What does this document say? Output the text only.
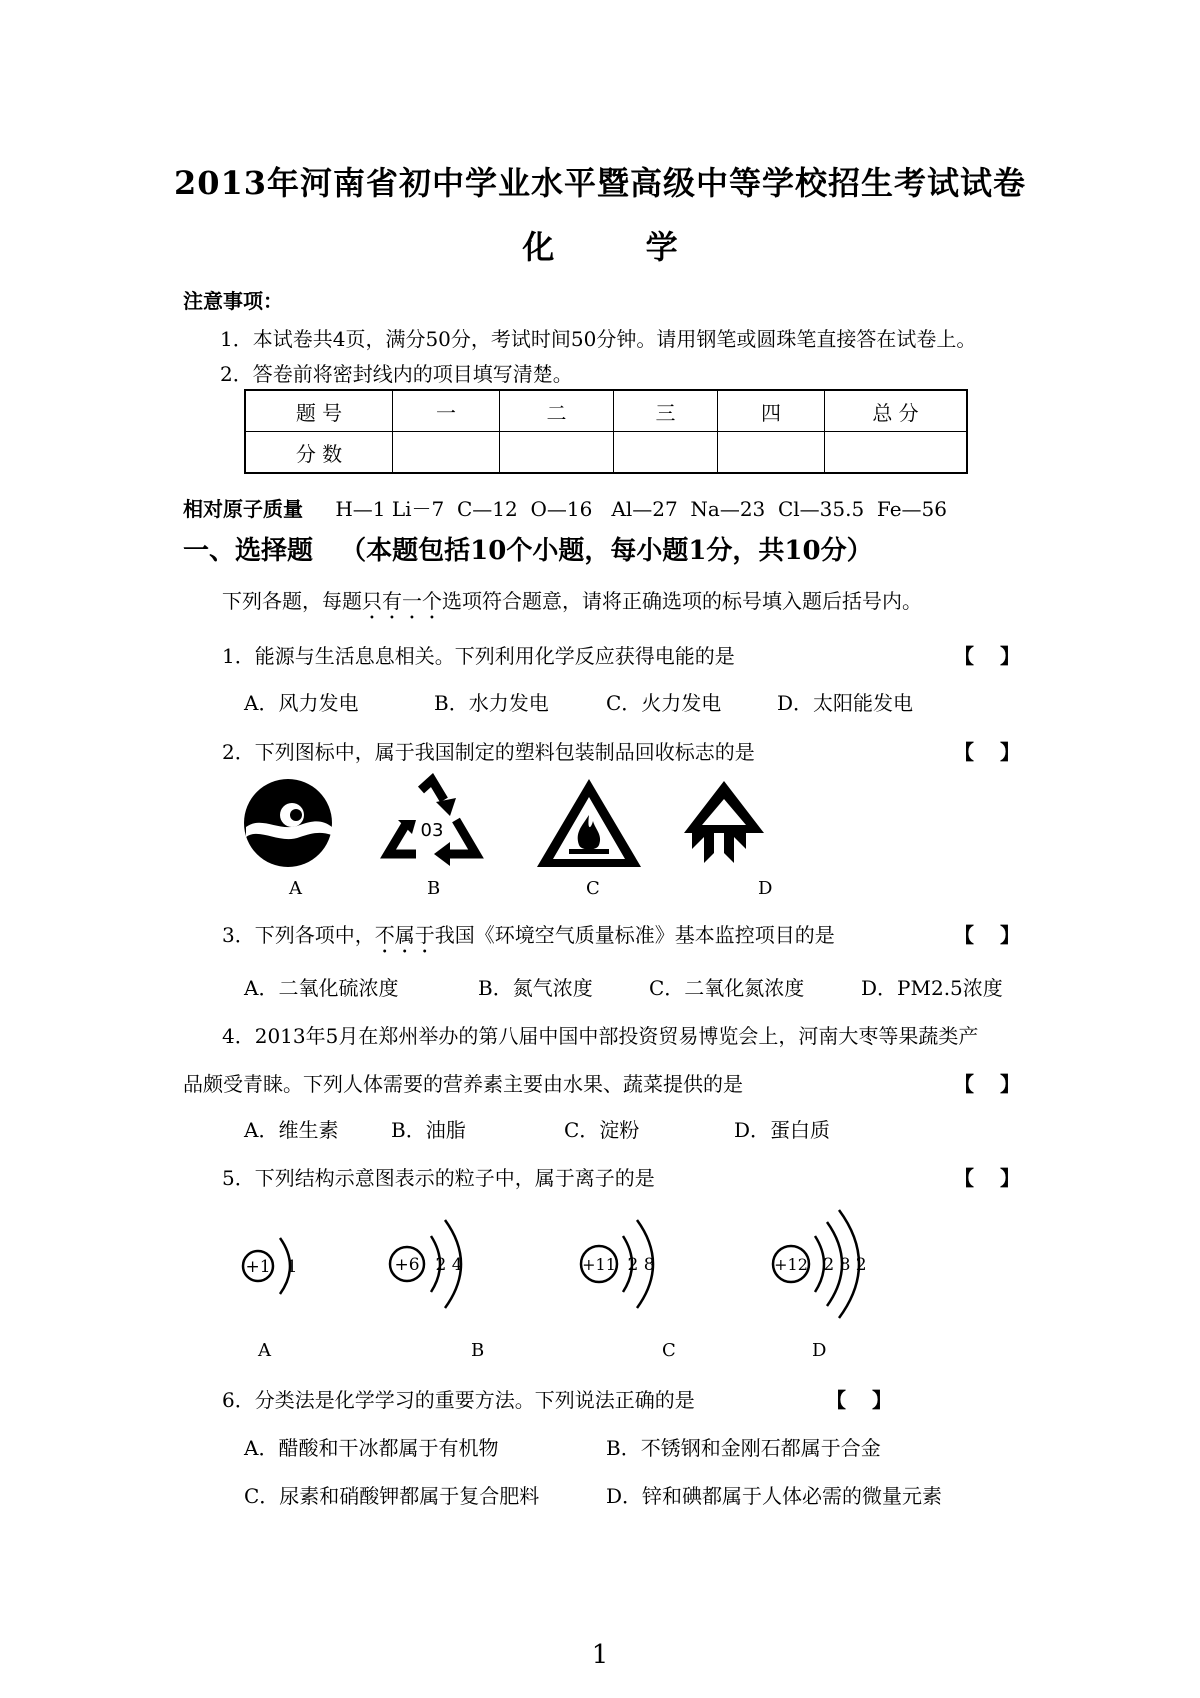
2013年河南省初中学业水平暨高级中等学校招生考试试卷
化 学
注意事项：
1．本试卷共4页，满分50分，考试时间50分钟。请用钢笔或圆珠笔直接答在试卷上。
2．答卷前将密封线内的项目填写清楚。
题 号	一	二	三	四	总 分
分 数					
相对原子质量 H—1 Li－7  C—12  O—16   Al—27  Na—23  Cl—35.5  Fe—56
一、选择题   （本题包括10个小题，每小题1分，共10分）
下列各题，每题只有一个选项符合题意，请将正确选项的标号填入题后括号内。
1．能源与生活息息相关。下列利用化学反应获得电能的是	【】
A．风力发电	B．水力发电	C．火力发电	D．太阳能发电
2．下列图标中，属于我国制定的塑料包装制品回收标志的是	【】
03
A	B	C	D
3．下列各项中，不属于我国《环境空气质量标准》基本监控项目的是	【】
A．二氧化硫浓度	B．氮气浓度	C．二氧化氮浓度	D．PM2.5浓度
4．2013年5月在郑州举办的第八届中国中部投资贸易博览会上，河南大枣等果蔬类产
品颇受青睐。下列人体需要的营养素主要由水果、蔬菜提供的是	【】
A．维生素	B．油脂	C．淀粉	D．蛋白质
5．下列结构示意图表示的粒子中，属于离子的是	【】
+1 1	+6 2 4	+11 2 8	+12 2 8 2
A	B	C	D
6．分类法是化学学习的重要方法。下列说法正确的是	【】
A．醋酸和干冰都属于有机物	B．不锈钢和金刚石都属于合金
C．尿素和硝酸钾都属于复合肥料	D．锌和碘都属于人体必需的微量元素
1
